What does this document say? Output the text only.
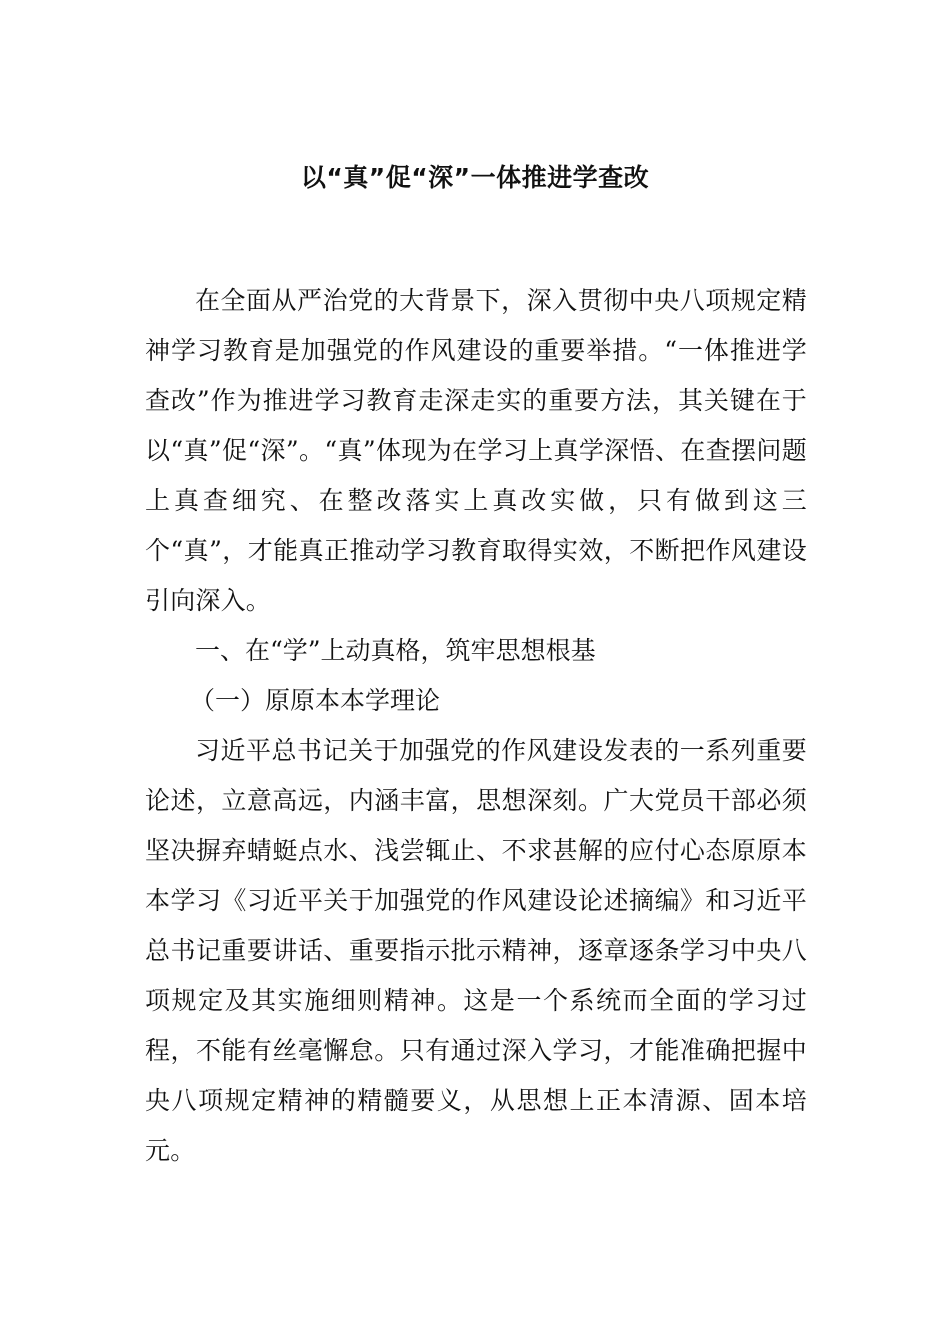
以“真”促“深”一体推进学查改

在全面从严治党的大背景下，深入贯彻中央八项规定精神学习教育是加强党的作风建设的重要举措。“一体推进学查改”作为推进学习教育走深走实的重要方法，其关键在于以“真”促“深”。“真”体现为在学习上真学深悟、在查摆问题上真查细究、在整改落实上真改实做，只有做到这三个“真”，才能真正推动学习教育取得实效，不断把作风建设引向深入。

一、在“学”上动真格，筑牢思想根基

（一）原原本本学理论

习近平总书记关于加强党的作风建设发表的一系列重要论述，立意高远，内涵丰富，思想深刻。广大党员干部必须坚决摒弃蜻蜓点水、浅尝辄止、不求甚解的应付心态原原本本学习《习近平关于加强党的作风建设论述摘编》和习近平总书记重要讲话、重要指示批示精神，逐章逐条学习中央八项规定及其实施细则精神。这是一个系统而全面的学习过程，不能有丝毫懈怠。只有通过深入学习，才能准确把握中央八项规定精神的精髓要义，从思想上正本清源、固本培元。
